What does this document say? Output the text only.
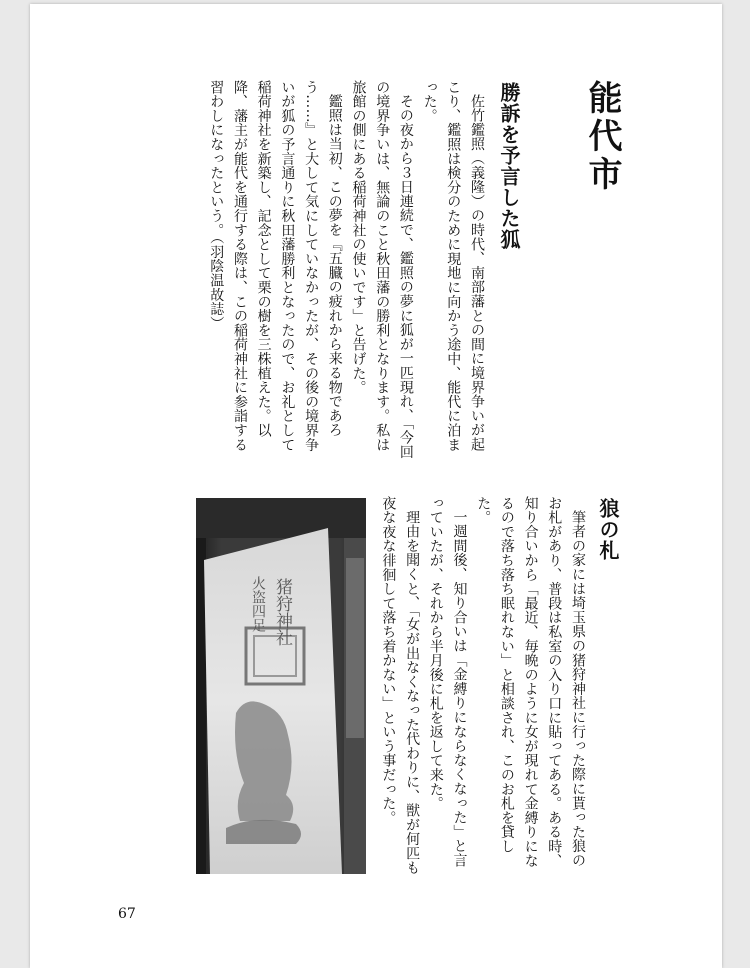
能代市
勝訴を予言した狐
佐竹鑑照（義隆）の時代、南部藩との間に境界争いが起こり、鑑照は検分のために現地に向かう途中、能代に泊まった。
その夜から３日連続で、鑑照の夢に狐が一匹現れ、「今回の境界争いは、無論のこと秋田藩の勝利となります。私は旅館の側にある稲荷神社の使いです」と告げた。
鑑照は当初、この夢を『五臓の疲れから来る物であろう……』と大して気にしていなかったが、その後の境界争いが狐の予言通りに秋田藩勝利となったので、お礼として稲荷神社を新築し、記念として栗の樹を三株植えた。以降、藩主が能代を通行する際は、この稲荷神社に参詣する習わしになったという。（羽陰温故誌）
狼の札
筆者の家には埼玉県の猪狩神社に行った際に貰った狼のお札があり、普段は私室の入り口に貼ってある。ある時、知り合いから「最近、毎晩のように女が現れて金縛りになるので落ち落ち眠れない」と相談され、このお札を貸した。
一週間後、知り合いは「金縛りにならなくなった」と言っていたが、それから半月後に札を返して来た。
理由を聞くと、「女が出なくなった代わりに、獣が何匹も夜な夜な徘徊して落ち着かない」という事だった。
猪狩神社
火盗四足
67
